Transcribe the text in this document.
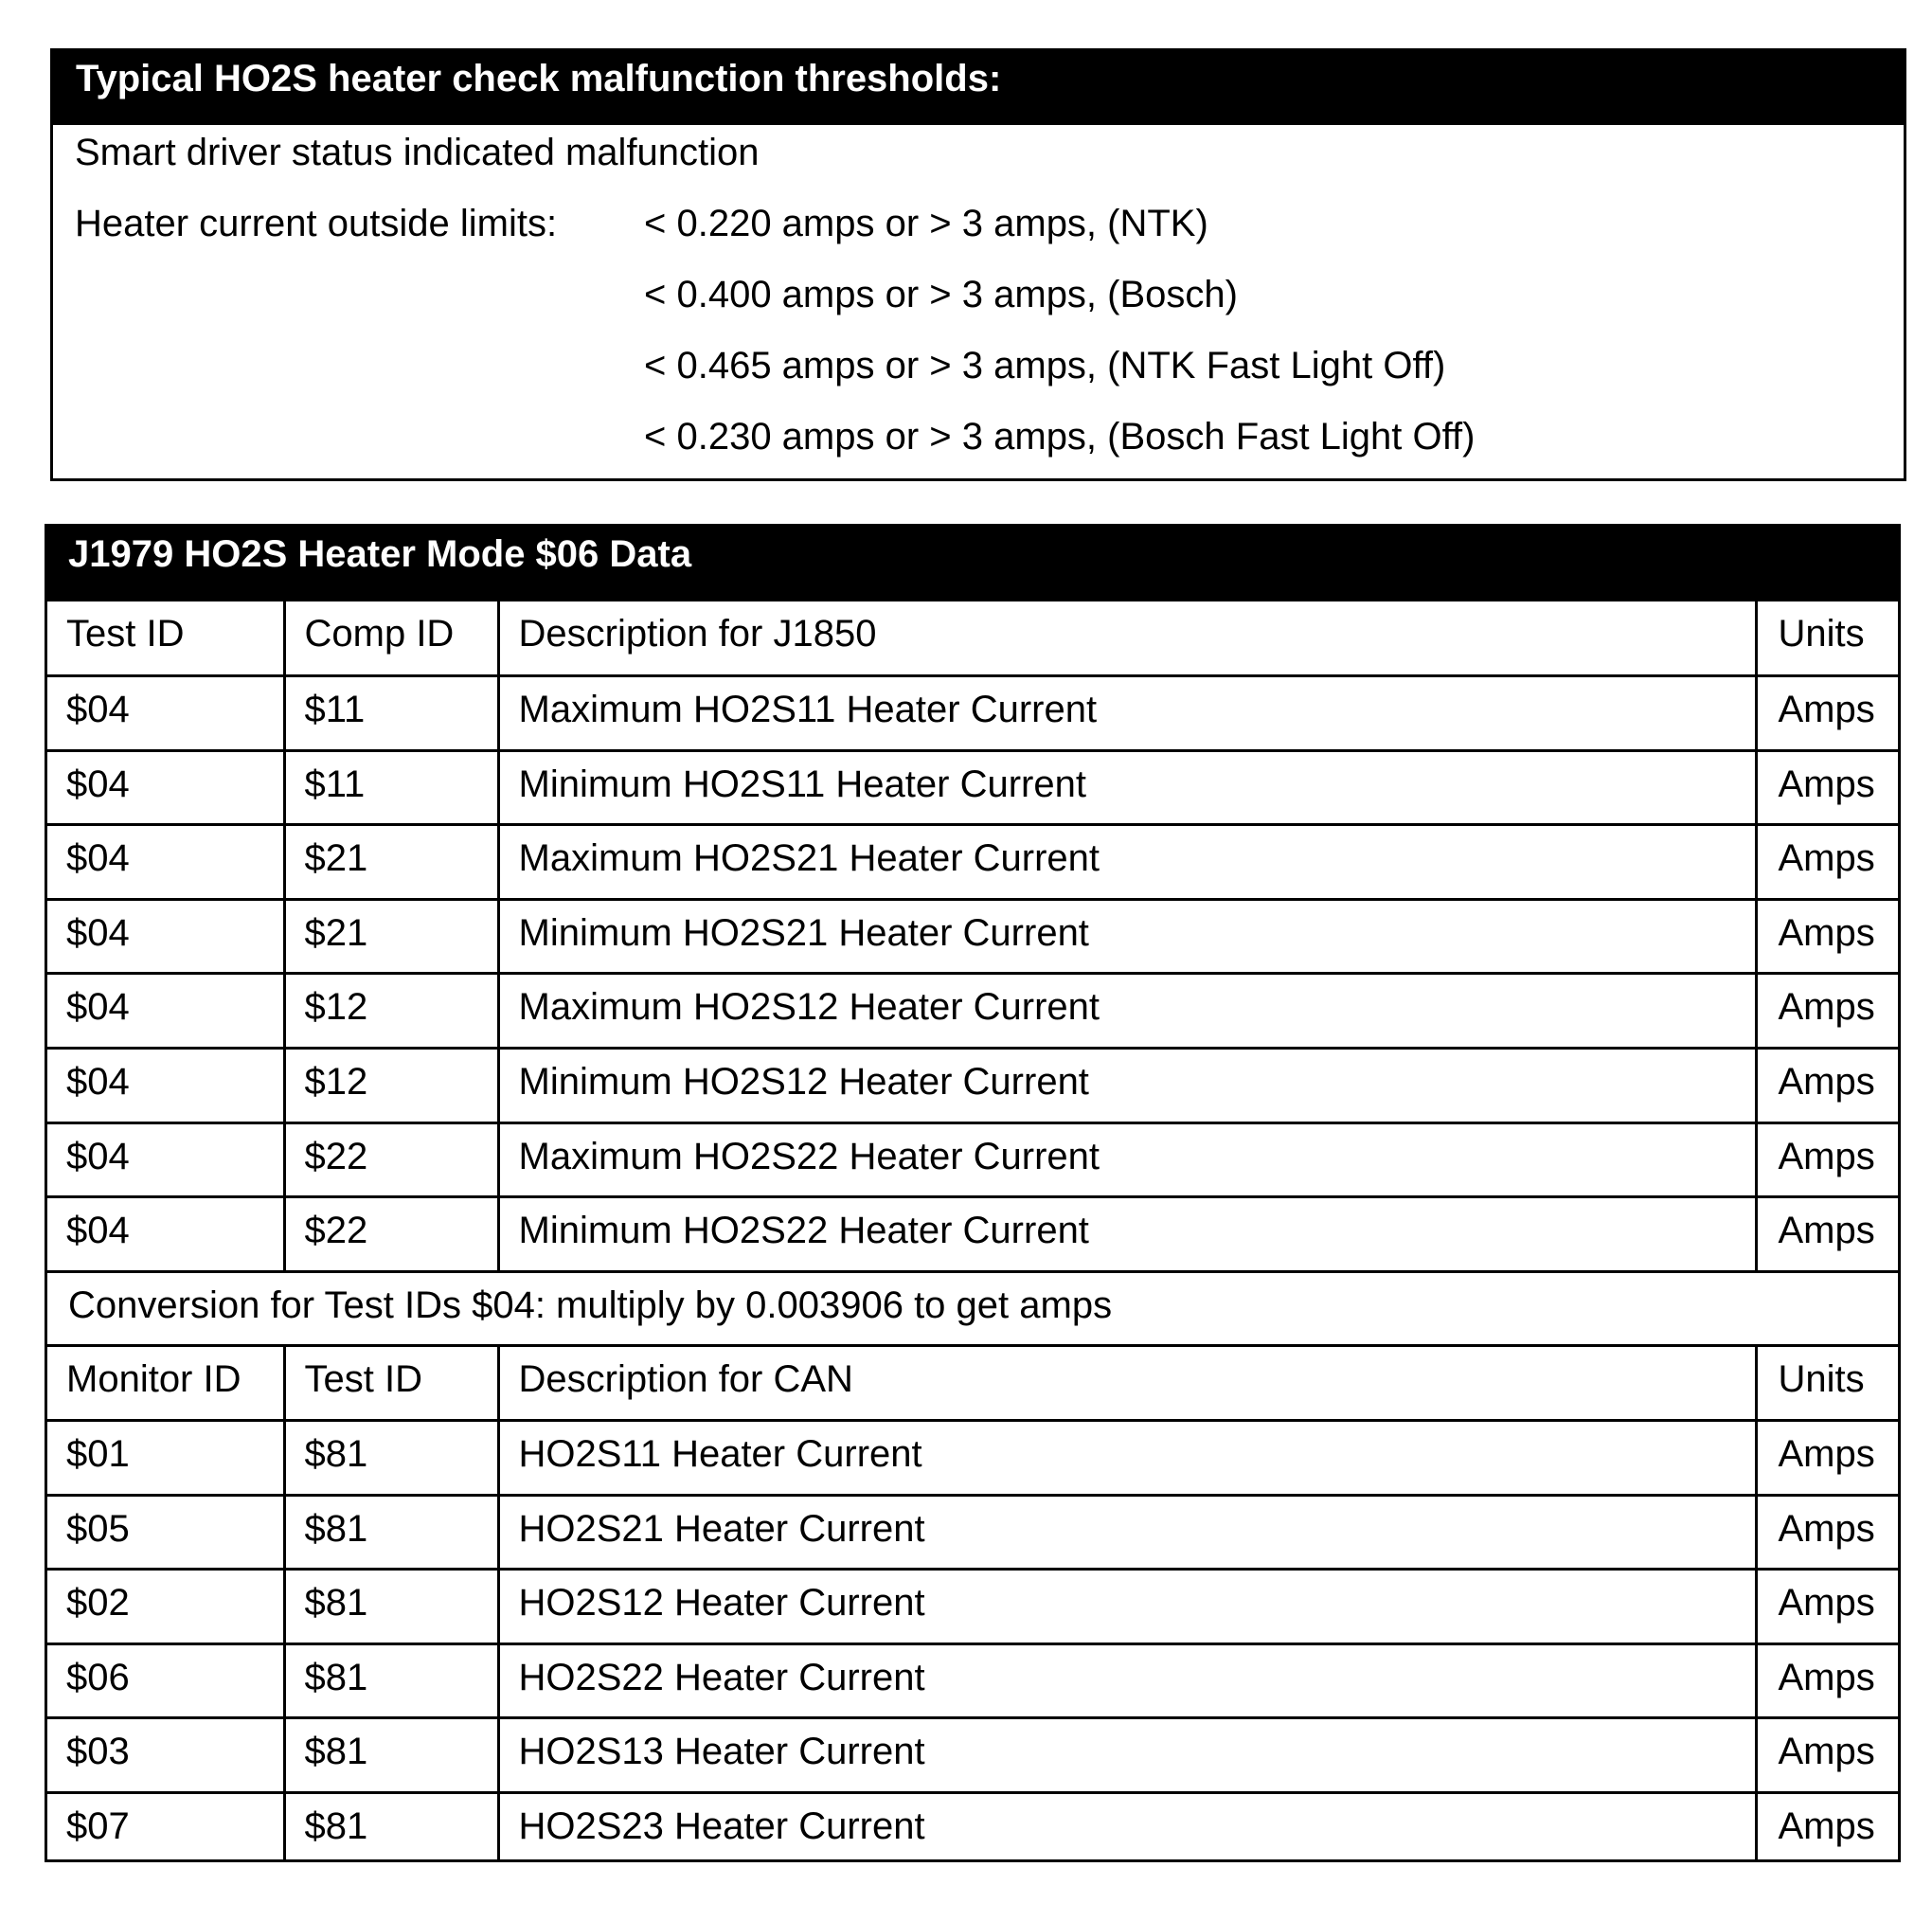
Typical HO2S heater check malfunction thresholds:
Smart driver status indicated malfunction
Heater current outside limits: < 0.220 amps or > 3 amps, (NTK)
< 0.400 amps or > 3 amps, (Bosch)
< 0.465 amps or > 3 amps, (NTK Fast Light Off)
< 0.230 amps or > 3 amps, (Bosch Fast Light Off)
J1979 HO2S Heater Mode $06 Data
Test ID	Comp ID	Description for J1850	Units
$04	$11	Maximum HO2S11 Heater Current	Amps
$04	$11	Minimum HO2S11 Heater Current	Amps
$04	$21	Maximum HO2S21 Heater Current	Amps
$04	$21	Minimum HO2S21 Heater Current	Amps
$04	$12	Maximum HO2S12 Heater Current	Amps
$04	$12	Minimum HO2S12 Heater Current	Amps
$04	$22	Maximum HO2S22 Heater Current	Amps
$04	$22	Minimum HO2S22 Heater Current	Amps
Conversion for Test IDs $04: multiply by 0.003906 to get amps			
Monitor ID	Test ID	Description for CAN	Units
$01	$81	HO2S11 Heater Current	Amps
$05	$81	HO2S21 Heater Current	Amps
$02	$81	HO2S12 Heater Current	Amps
$06	$81	HO2S22 Heater Current	Amps
$03	$81	HO2S13 Heater Current	Amps
$07	$81	HO2S23 Heater Current	Amps
